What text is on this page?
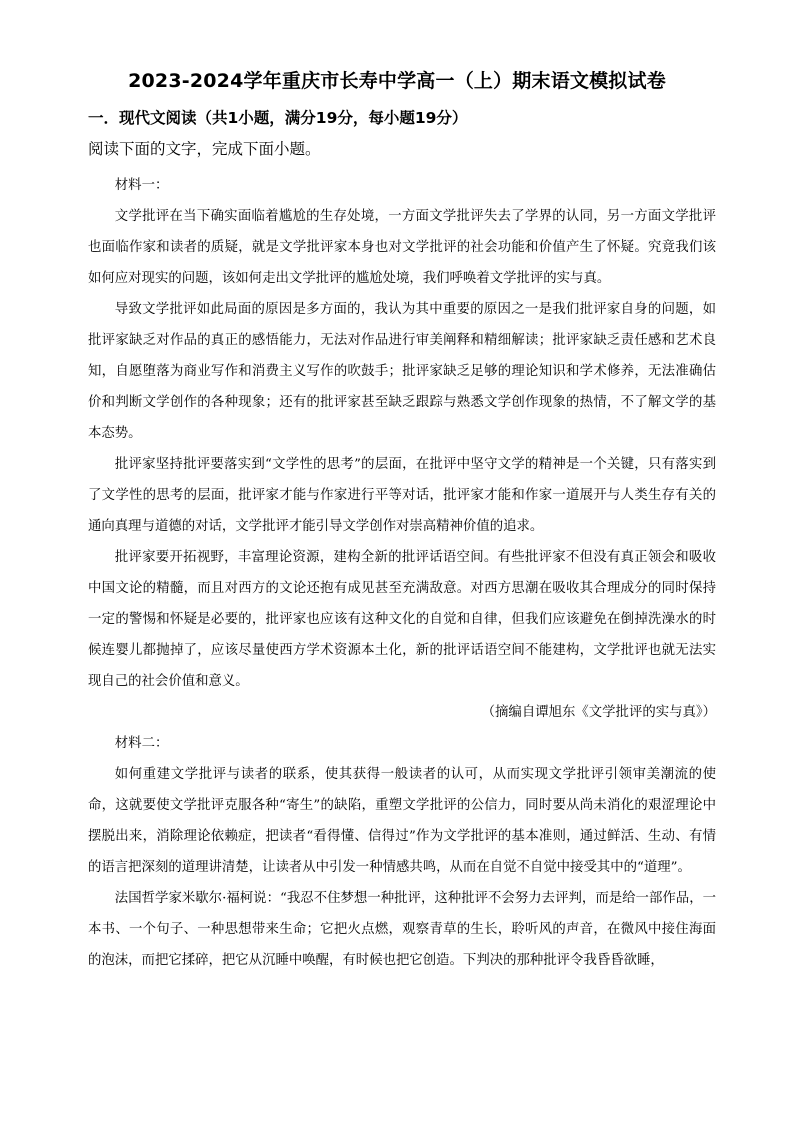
2023-2024学年重庆市长寿中学高一（上）期末语文模拟试卷
一．现代文阅读（共1小题，满分19分，每小题19分）
阅读下面的文字，完成下面小题。

材料一：

文学批评在当下确实面临着尴尬的生存处境，一方面文学批评失去了学界的认同，另一方面文学批评也面临作家和读者的质疑，就是文学批评家本身也对文学批评的社会功能和价值产生了怀疑。究竟我们该如何应对现实的问题，该如何走出文学批评的尴尬处境，我们呼唤着文学批评的实与真。

导致文学批评如此局面的原因是多方面的，我认为其中重要的原因之一是我们批评家自身的问题，如批评家缺乏对作品的真正的感悟能力，无法对作品进行审美阐释和精细解读；批评家缺乏责任感和艺术良知，自愿堕落为商业写作和消费主义写作的吹鼓手；批评家缺乏足够的理论知识和学术修养，无法准确估价和判断文学创作的各种现象；还有的批评家甚至缺乏跟踪与熟悉文学创作现象的热情，不了解文学的基本态势。

批评家坚持批评要落实到“文学性的思考”的层面，在批评中坚守文学的精神是一个关键，只有落实到了文学性的思考的层面，批评家才能与作家进行平等对话，批评家才能和作家一道展开与人类生存有关的通向真理与道德的对话，文学批评才能引导文学创作对崇高精神价值的追求。

批评家要开拓视野，丰富理论资源，建构全新的批评话语空间。有些批评家不但没有真正领会和吸收中国文论的精髓，而且对西方的文论还抱有成见甚至充满敌意。对西方思潮在吸收其合理成分的同时保持一定的警惕和怀疑是必要的，批评家也应该有这种文化的自觉和自律，但我们应该避免在倒掉洗澡水的时候连婴儿都抛掉了，应该尽量使西方学术资源本土化，新的批评话语空间不能建构，文学批评也就无法实现自己的社会价值和意义。

（摘编自谭旭东《文学批评的实与真》）

材料二：

如何重建文学批评与读者的联系，使其获得一般读者的认可，从而实现文学批评引领审美潮流的使命，这就要使文学批评克服各种“寄生”的缺陷，重塑文学批评的公信力，同时要从尚未消化的艰涩理论中摆脱出来，消除理论依赖症，把读者“看得懂、信得过”作为文学批评的基本准则，通过鲜活、生动、有情的语言把深刻的道理讲清楚，让读者从中引发一种情感共鸣，从而在自觉不自觉中接受其中的“道理”。

法国哲学家米歇尔·福柯说：“我忍不住梦想一种批评，这种批评不会努力去评判，而是给一部作品，一本书、一个句子、一种思想带来生命；它把火点燃，观察青草的生长，聆听风的声音，在微风中接住海面的泡沫，而把它揉碎，把它从沉睡中唤醒，有时候也把它创造。下判决的那种批评令我昏昏欲睡，
